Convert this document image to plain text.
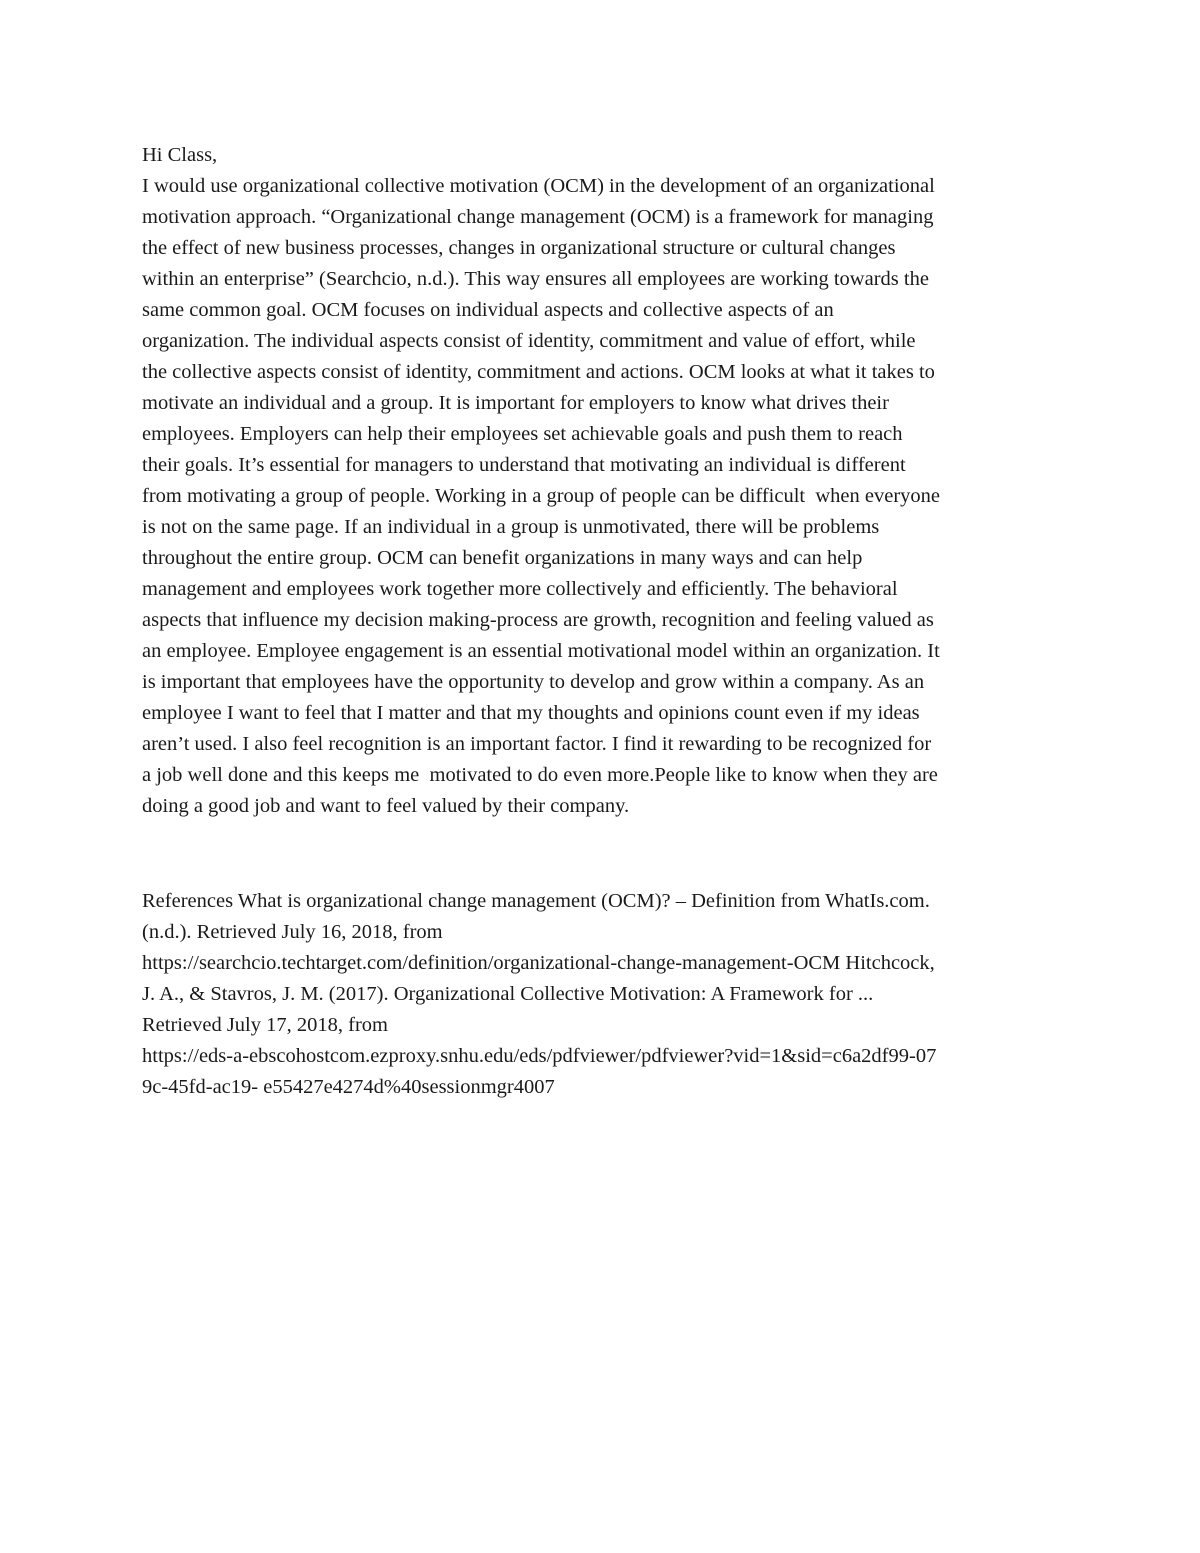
Hi Class,
I would use organizational collective motivation (OCM) in the development of an organizational
motivation approach. “Organizational change management (OCM) is a framework for managing
the effect of new business processes, changes in organizational structure or cultural changes
within an enterprise” (Searchcio, n.d.). This way ensures all employees are working towards the
same common goal. OCM focuses on individual aspects and collective aspects of an
organization. The individual aspects consist of identity, commitment and value of effort, while
the collective aspects consist of identity, commitment and actions. OCM looks at what it takes to
motivate an individual and a group. It is important for employers to know what drives their
employees. Employers can help their employees set achievable goals and push them to reach
their goals. It’s essential for managers to understand that motivating an individual is different
from motivating a group of people. Working in a group of people can be difficult  when everyone
is not on the same page. If an individual in a group is unmotivated, there will be problems
throughout the entire group. OCM can benefit organizations in many ways and can help
management and employees work together more collectively and efficiently. The behavioral
aspects that influence my decision making-process are growth, recognition and feeling valued as
an employee. Employee engagement is an essential motivational model within an organization. It
is important that employees have the opportunity to develop and grow within a company. As an
employee I want to feel that I matter and that my thoughts and opinions count even if my ideas
aren’t used. I also feel recognition is an important factor. I find it rewarding to be recognized for
a job well done and this keeps me  motivated to do even more.People like to know when they are
doing a good job and want to feel valued by their company.
References What is organizational change management (OCM)? – Definition from WhatIs.com.
(n.d.). Retrieved July 16, 2018, from
https://searchcio.techtarget.com/definition/organizational-change-management-OCM Hitchcock,
J. A., & Stavros, J. M. (2017). Organizational Collective Motivation: A Framework for ...
Retrieved July 17, 2018, from
https://eds-a-ebscohostcom.ezproxy.snhu.edu/eds/pdfviewer/pdfviewer?vid=1&sid=c6a2df99-07
9c-45fd-ac19- e55427e4274d%40sessionmgr4007
